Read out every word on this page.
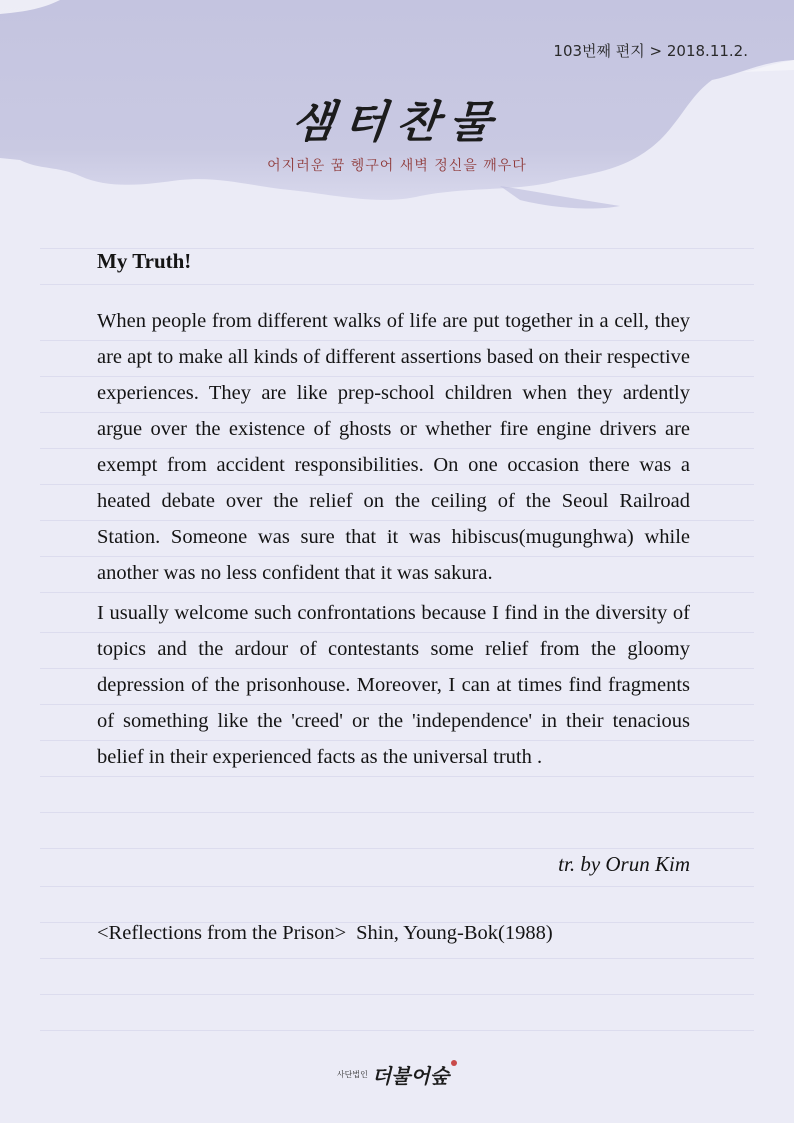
103번째 편지 > 2018.11.2.
샘터찬물
어지러운 꿈 헹구어 새벽 정신을 깨우다
My Truth!

When people from different walks of life are put together in a cell, they are apt to make all kinds of different assertions based on their respective experiences. They are like prep-school children when they ardently argue over the existence of ghosts or whether fire engine drivers are exempt from accident responsibilities. On one occasion there was a heated debate over the relief on the ceiling of the Seoul Railroad Station. Someone was sure that it was hibiscus(mugunghwa) while another was no less confident that it was sakura.

I usually welcome such confrontations because I find in the diversity of topics and the ardour of contestants some relief from the gloomy depression of the prisonhouse. Moreover, I can at times find fragments of something like the 'creed' or the 'independence' in their tenacious belief in their experienced facts as the universal truth .

tr. by Orun Kim
<Reflections from the Prison> Shin, Young-Bok(1988)
사단법인 더불어숲
